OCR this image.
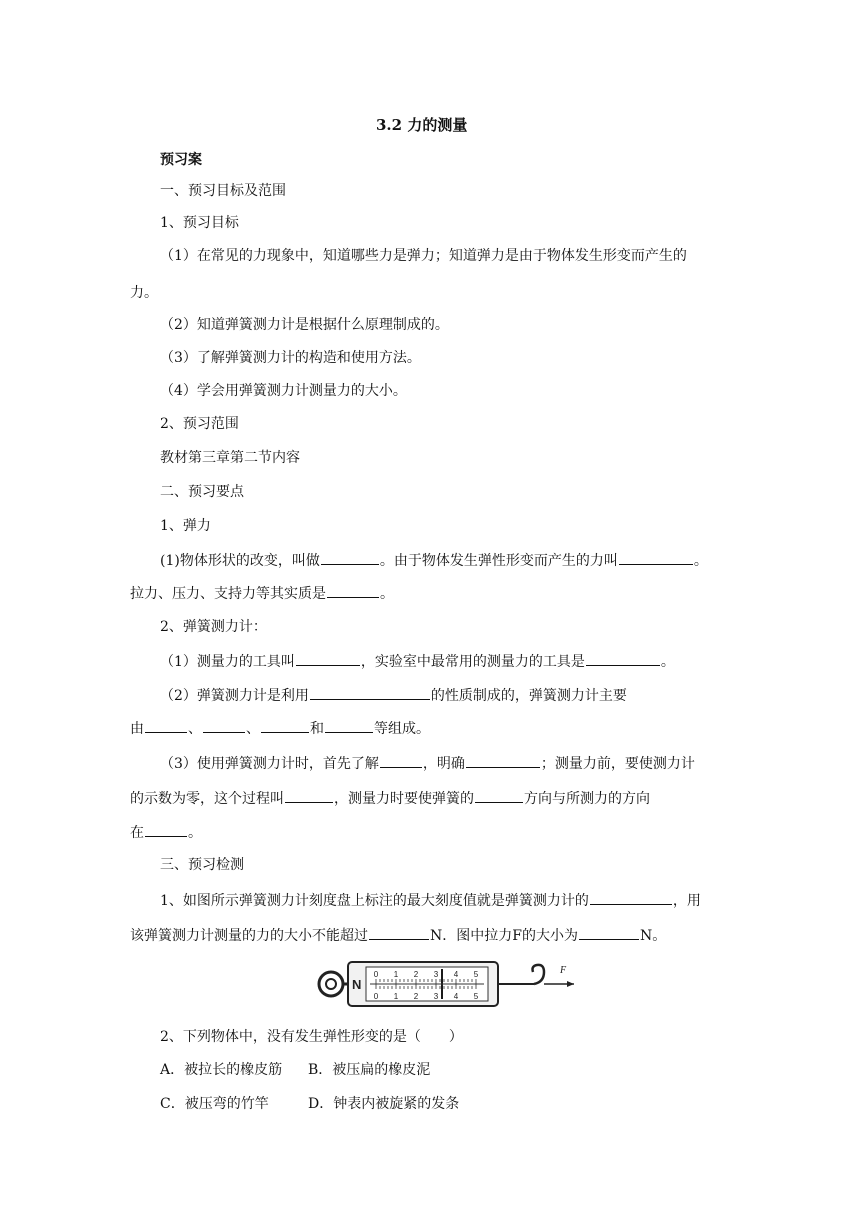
3.2 力的测量
预习案
一、预习目标及范围
1、预习目标
（1）在常见的力现象中，知道哪些力是弹力；知道弹力是由于物体发生形变而产生的
力。
（2）知道弹簧测力计是根据什么原理制成的。
（3）了解弹簧测力计的构造和使用方法。
（4）学会用弹簧测力计测量力的大小。
2、预习范围
教材第三章第二节内容
二、预习要点
1、弹力
(1)物体形状的改变，叫做	。由于物体发生弹性形变而产生的力叫	。
拉力、压力、支持力等其实质是	。
2、弹簧测力计：
（1）测量力的工具叫	，实验室中最常用的测量力的工具是	。
（2）弹簧测力计是利用	的性质制成的，弹簧测力计主要
由	、	、	和	等组成。
（3）使用弹簧测力计时，首先了解	，明确	；测量力前，要使测力计
的示数为零，这个过程叫	，测量力时要使弹簧的	方向与所测力的方向
在	。
三、预习检测
1、如图所示弹簧测力计刻度盘上标注的最大刻度值就是弹簧测力计的	，用
该弹簧测力计测量的力的大小不能超过	N．图中拉力F的大小为	N。
N
0
0
1
1
2
2
3
3
4
4
5
5
F
2、下列物体中，没有发生弹性形变的是（　　）
A．被拉长的橡皮筋 B．被压扁的橡皮泥
C．被压弯的竹竿	D．钟表内被旋紧的发条
